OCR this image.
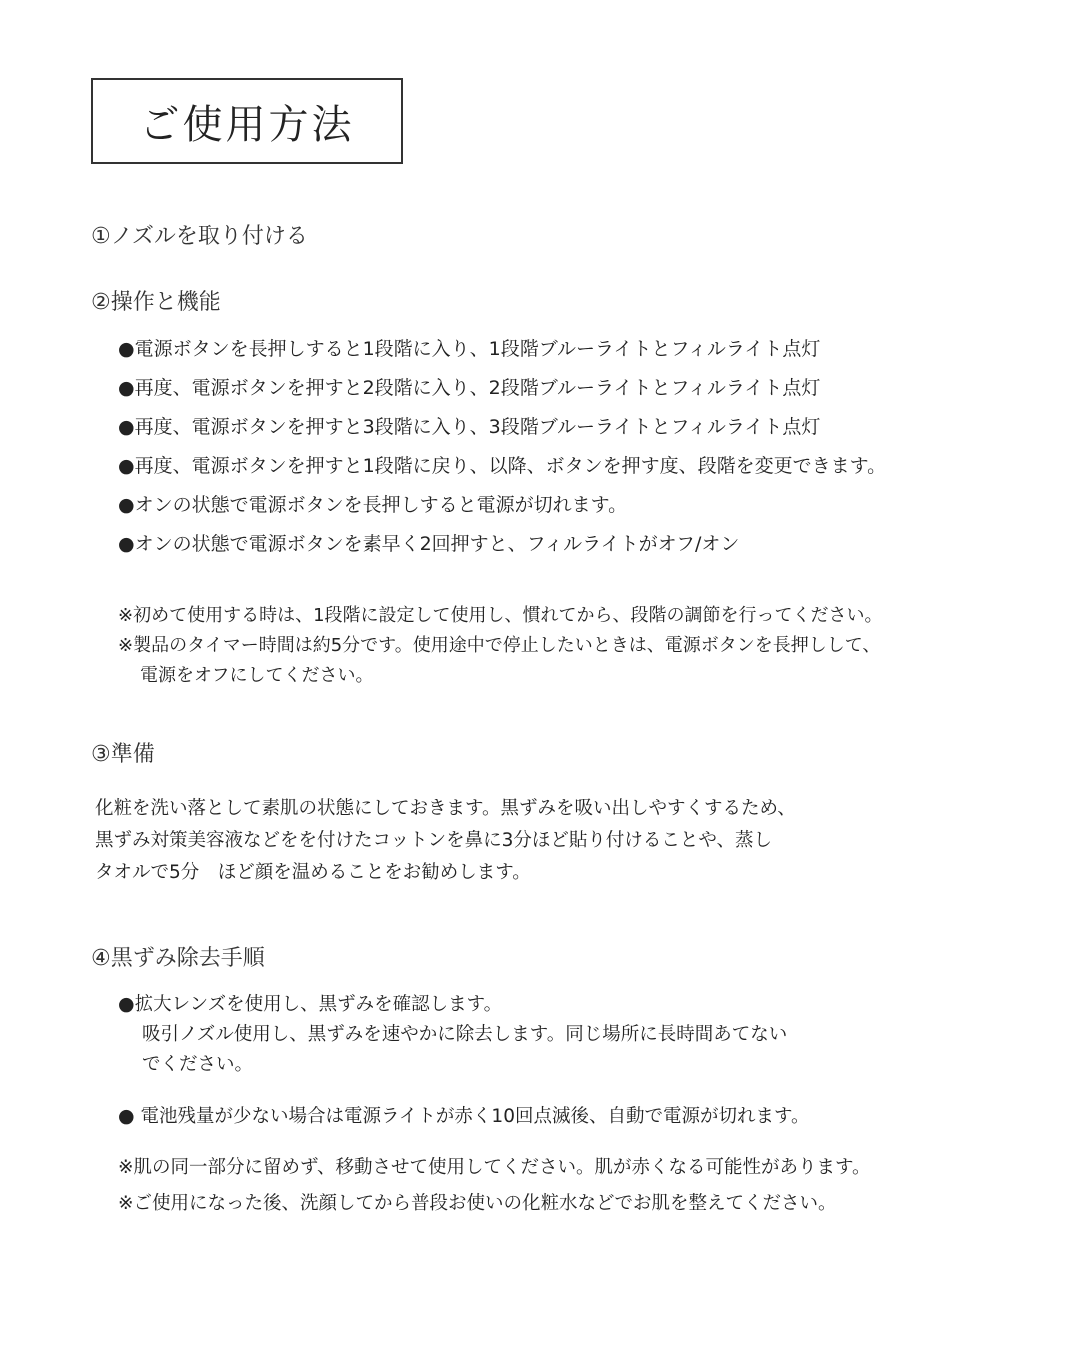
ご使用方法
①ノズルを取り付ける
②操作と機能
●電源ボタンを長押しすると1段階に入り、1段階ブルーライトとフィルライト点灯
●再度、電源ボタンを押すと2段階に入り、2段階ブルーライトとフィルライト点灯
●再度、電源ボタンを押すと3段階に入り、3段階ブルーライトとフィルライト点灯
●再度、電源ボタンを押すと1段階に戻り、以降、ボタンを押す度、段階を変更できます。
●オンの状態で電源ボタンを長押しすると電源が切れます。
●オンの状態で電源ボタンを素早く2回押すと、フィルライトがオフ/オン
※初めて使用する時は、1段階に設定して使用し、慣れてから、段階の調節を行ってください。
※製品のタイマー時間は約5分です。使用途中で停止したいときは、電源ボタンを長押しして、
電源をオフにしてください。
③準備
化粧を洗い落として素肌の状態にしておきます。黒ずみを吸い出しやすくするため、
黒ずみ対策美容液などをを付けたコットンを鼻に3分ほど貼り付けることや、蒸し
タオルで5分　ほど顔を温めることをお勧めします。
④黒ずみ除去手順
●拡大レンズを使用し、黒ずみを確認します。
吸引ノズル使用し、黒ずみを速やかに除去します。同じ場所に長時間あてない
でください。
● 電池残量が少ない場合は電源ライトが赤く10回点滅後、自動で電源が切れます。
※肌の同一部分に留めず、移動させて使用してください。肌が赤くなる可能性があります。
※ご使用になった後、洗顔してから普段お使いの化粧水などでお肌を整えてください。
